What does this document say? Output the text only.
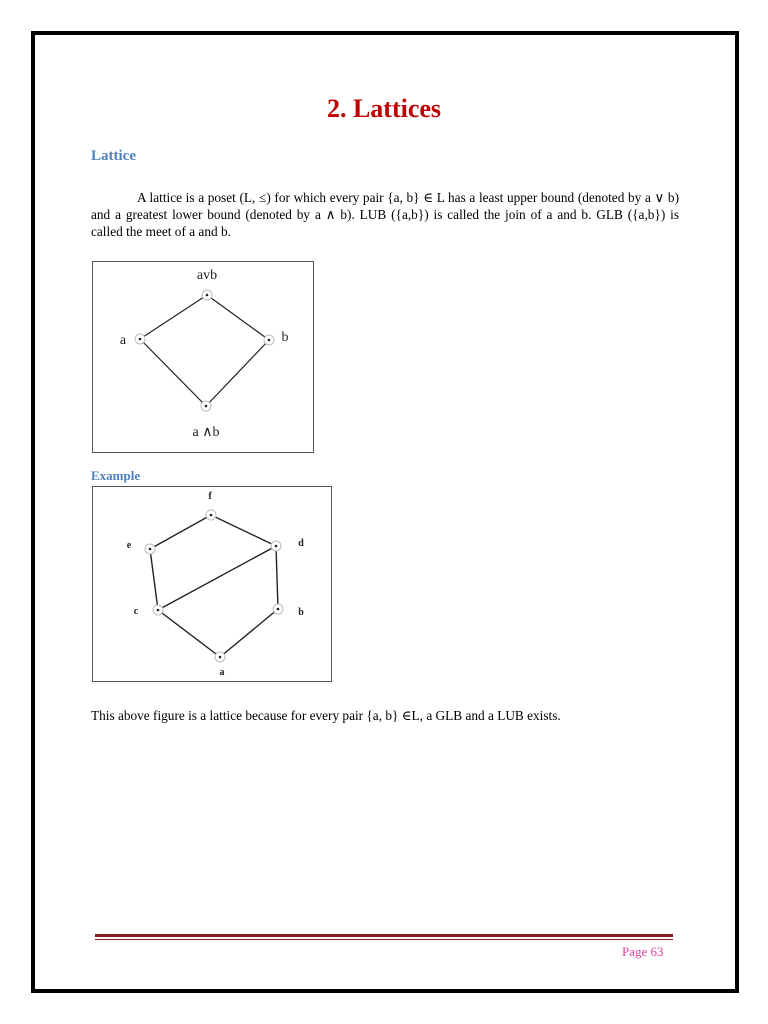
2. Lattices
Lattice

A lattice is a poset (L, ≤) for which every pair {a, b} ∈ L has a least upper bound (denoted by a ∨ b) and a greatest lower bound (denoted by a ∧ b). LUB ({a,b}) is called the join of a and b. GLB ({a,b}) is called the meet of a and b.

avb
a	b
a ∧b
Example
f
e	d
c	b
a

This above figure is a lattice because for every pair {a, b} ∈L, a GLB and a LUB exists.

Page 63
